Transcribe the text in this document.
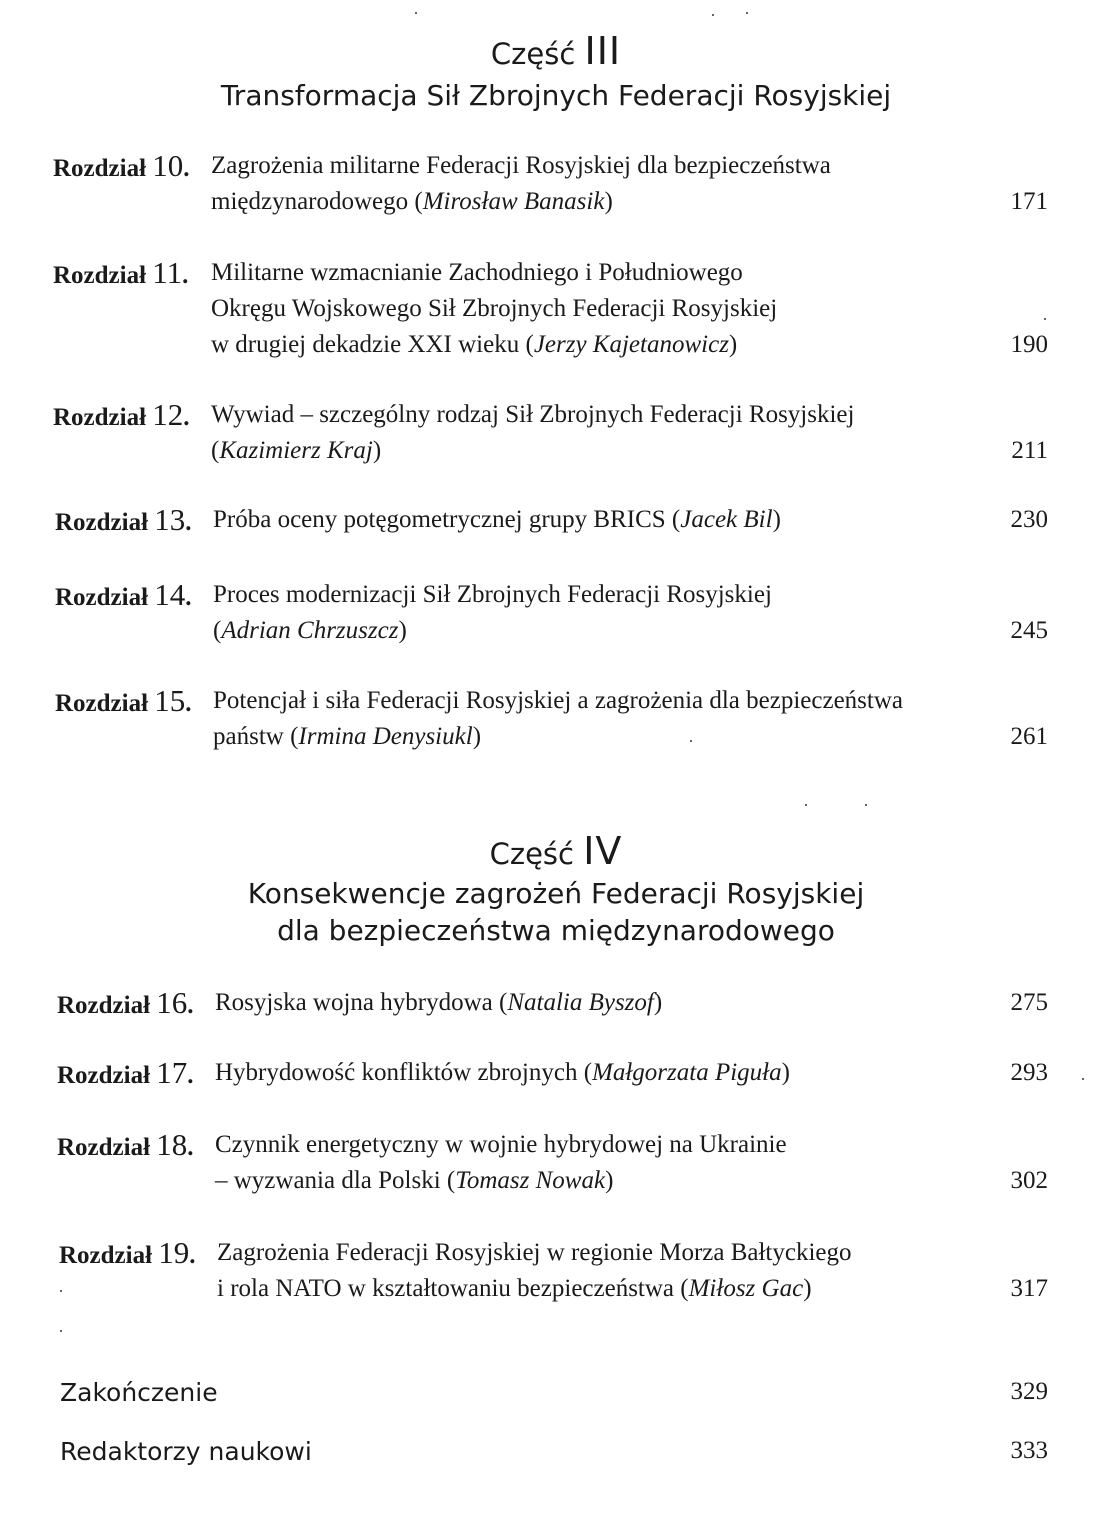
Część III
Transformacja Sił Zbrojnych Federacji Rosyjskiej
Rozdział 10. Zagrożenia militarne Federacji Rosyjskiej dla bezpieczeństwa
międzynarodowego (Mirosław Banasik)	171
Rozdział 11. Militarne wzmacnianie Zachodniego i Południowego
Okręgu Wojskowego Sił Zbrojnych Federacji Rosyjskiej
w drugiej dekadzie XXI wieku (Jerzy Kajetanowicz)	190
Rozdział 12. Wywiad – szczególny rodzaj Sił Zbrojnych Federacji Rosyjskiej
(Kazimierz Kraj)	211
Rozdział 13. Próba oceny potęgometrycznej grupy BRICS (Jacek Bil)	230
Rozdział 14. Proces modernizacji Sił Zbrojnych Federacji Rosyjskiej
(Adrian Chrzuszcz)	245
Rozdział 15. Potencjał i siła Federacji Rosyjskiej a zagrożenia dla bezpieczeństwa
państw (Irmina Denysiukl)	261
Rozdział 16. Rosyjska wojna hybrydowa (Natalia Byszof)	275
Rozdział 17. Hybrydowość konfliktów zbrojnych (Małgorzata Piguła)	293
Rozdział 18. Czynnik energetyczny w wojnie hybrydowej na Ukrainie
– wyzwania dla Polski (Tomasz Nowak)	302
Rozdział 19. Zagrożenia Federacji Rosyjskiej w regionie Morza Bałtyckiego
i rola NATO w kształtowaniu bezpieczeństwa (Miłosz Gac)	317
Część IV
Konsekwencje zagrożeń Federacji Rosyjskiej
dla bezpieczeństwa międzynarodowego
Zakończenie	329
Redaktorzy naukowi	333
